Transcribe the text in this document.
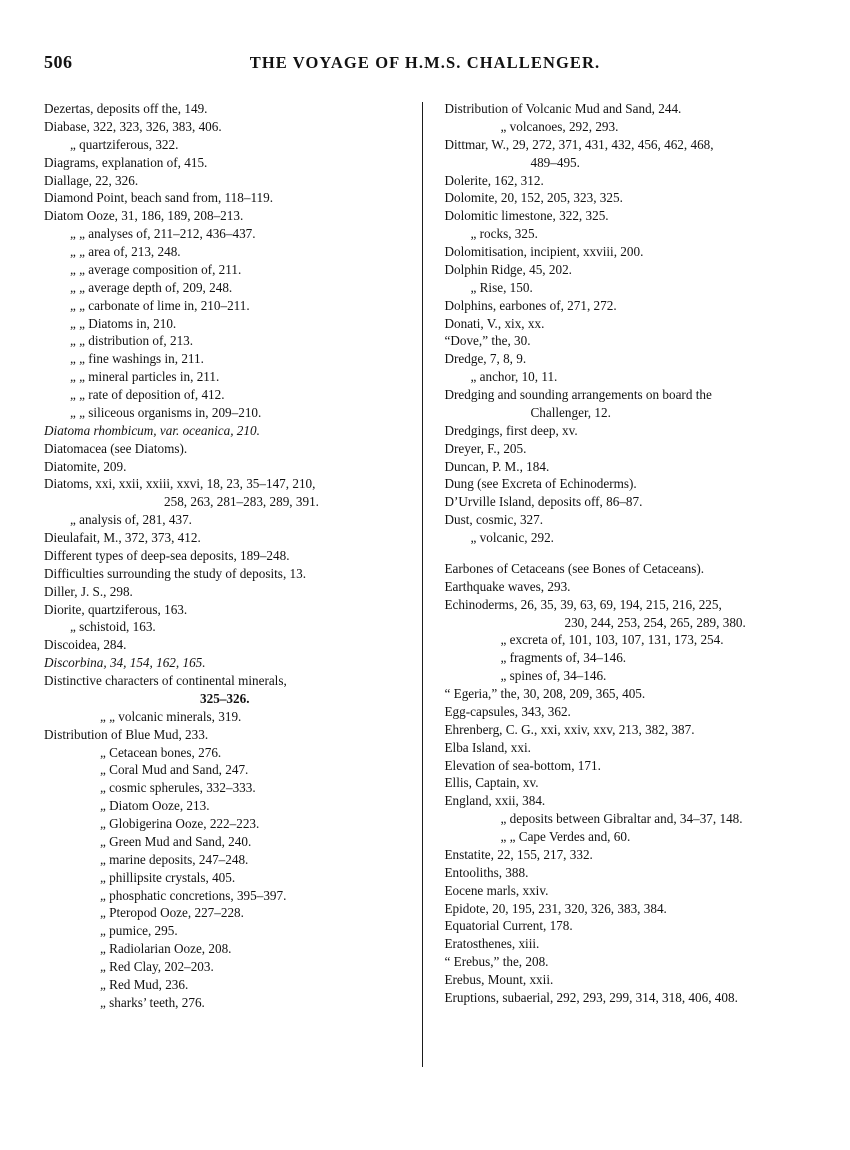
506	THE VOYAGE OF H.M.S. CHALLENGER.

Dezertas, deposits off the, 149.

Diabase, 322, 323, 326, 383, 406.

„ quartziferous, 322.

Diagrams, explanation of, 415.

Diallage, 22, 326.

Diamond Point, beach sand from, 118–119.

Diatom Ooze, 31, 186, 189, 208–213.

„ „ analyses of, 211–212, 436–437.

„ „ area of, 213, 248.

„ „ average composition of, 211.

„ „ average depth of, 209, 248.

„ „ carbonate of lime in, 210–211.

„ „ Diatoms in, 210.

„ „ distribution of, 213.

„ „ fine washings in, 211.

„ „ mineral particles in, 211.

„ „ rate of deposition of, 412.

„ „ siliceous organisms in, 209–210.

Diatoma rhombicum, var. oceanica, 210.

Diatomacea (see Diatoms).

Diatomite, 209.

Diatoms, xxi, xxii, xxiii, xxvi, 18, 23, 35–147, 210,

258, 263, 281–283, 289, 391.

„ analysis of, 281, 437.

Dieulafait, M., 372, 373, 412.

Different types of deep-sea deposits, 189–248.

Difficulties surrounding the study of deposits, 13.

Diller, J. S., 298.

Diorite, quartziferous, 163.

„ schistoid, 163.

Discoidea, 284.

Discorbina, 34, 154, 162, 165.

Distinctive characters of continental minerals,

325–326.

„ „ volcanic minerals, 319.

Distribution of Blue Mud, 233.

„ Cetacean bones, 276.

„ Coral Mud and Sand, 247.

„ cosmic spherules, 332–333.

„ Diatom Ooze, 213.

„ Globigerina Ooze, 222–223.

„ Green Mud and Sand, 240.

„ marine deposits, 247–248.

„ phillipsite crystals, 405.

„ phosphatic concretions, 395–397.

„ Pteropod Ooze, 227–228.

„ pumice, 295.

„ Radiolarian Ooze, 208.

„ Red Clay, 202–203.

„ Red Mud, 236.

„ sharks’ teeth, 276.

Distribution of Volcanic Mud and Sand, 244.

„ volcanoes, 292, 293.

Dittmar, W., 29, 272, 371, 431, 432, 456, 462, 468,

489–495.

Dolerite, 162, 312.

Dolomite, 20, 152, 205, 323, 325.

Dolomitic limestone, 322, 325.

„ rocks, 325.

Dolomitisation, incipient, xxviii, 200.

Dolphin Ridge, 45, 202.

„ Rise, 150.

Dolphins, earbones of, 271, 272.

Donati, V., xix, xx.

“Dove,” the, 30.

Dredge, 7, 8, 9.

„ anchor, 10, 11.

Dredging and sounding arrangements on board the

Challenger, 12.

Dredgings, first deep, xv.

Dreyer, F., 205.

Duncan, P. M., 184.

Dung (see Excreta of Echinoderms).

D’Urville Island, deposits off, 86–87.

Dust, cosmic, 327.

„ volcanic, 292.

Earbones of Cetaceans (see Bones of Cetaceans).

Earthquake waves, 293.

Echinoderms, 26, 35, 39, 63, 69, 194, 215, 216, 225,

230, 244, 253, 254, 265, 289, 380.

„ excreta of, 101, 103, 107, 131, 173, 254.

„ fragments of, 34–146.

„ spines of, 34–146.

“ Egeria,” the, 30, 208, 209, 365, 405.

Egg-capsules, 343, 362.

Ehrenberg, C. G., xxi, xxiv, xxv, 213, 382, 387.

Elba Island, xxi.

Elevation of sea-bottom, 171.

Ellis, Captain, xv.

England, xxii, 384.

„ deposits between Gibraltar and, 34–37, 148.

„ „ Cape Verdes and, 60.

Enstatite, 22, 155, 217, 332.

Entooliths, 388.

Eocene marls, xxiv.

Epidote, 20, 195, 231, 320, 326, 383, 384.

Equatorial Current, 178.

Eratosthenes, xiii.

“ Erebus,” the, 208.

Erebus, Mount, xxii.

Eruptions, subaerial, 292, 293, 299, 314, 318, 406, 408.
